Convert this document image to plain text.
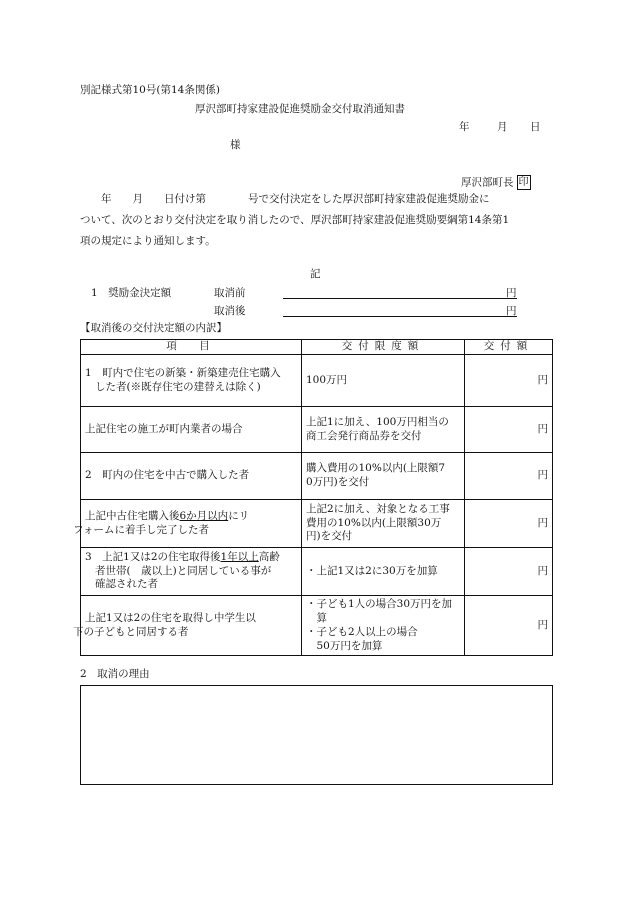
別記様式第10号(第14条関係)
厚沢部町持家建設促進奨励金交付取消通知書
年	月 日
様
厚沢部町長 印
　　年　　月　　日付け第　　　　号で交付決定をした厚沢部町持家建設促進奨励金に
ついて、次のとおり交付決定を取り消したので、厚沢部町持家建設促進奨励要綱第14条第1
項の規定により通知します。
記
1　奨励金決定額	取消前	円
取消後	円
【取消後の交付決定額の内訳】
項　目	交付限度額	交付額
1　町内で住宅の新築・新築建売住宅購入
した者(※既存住宅の建替えは除く)	100万円	円
上記住宅の施工が町内業者の場合	上記1に加え、100万円相当の
商工会発行商品券を交付	円
2　町内の住宅を中古で購入した者	購入費用の10%以内(上限額7
0万円)を交付	円
上記中古住宅購入後6か月以内にリ
フォームに着手し完了した者	上記2に加え、対象となる工事
費用の10%以内(上限額30万
円)を交付	円
3　上記1又は2の住宅取得後1年以上高齢
者世帯(　歳以上)と同居している事が
確認された者	・上記1又は2に30万を加算	円
上記1又は2の住宅を取得し中学生以
下の子どもと同居する者	・子ども1人の場合30万円を加
　算
・子ども2人以上の場合
　50万円を加算	円
2　取消の理由
